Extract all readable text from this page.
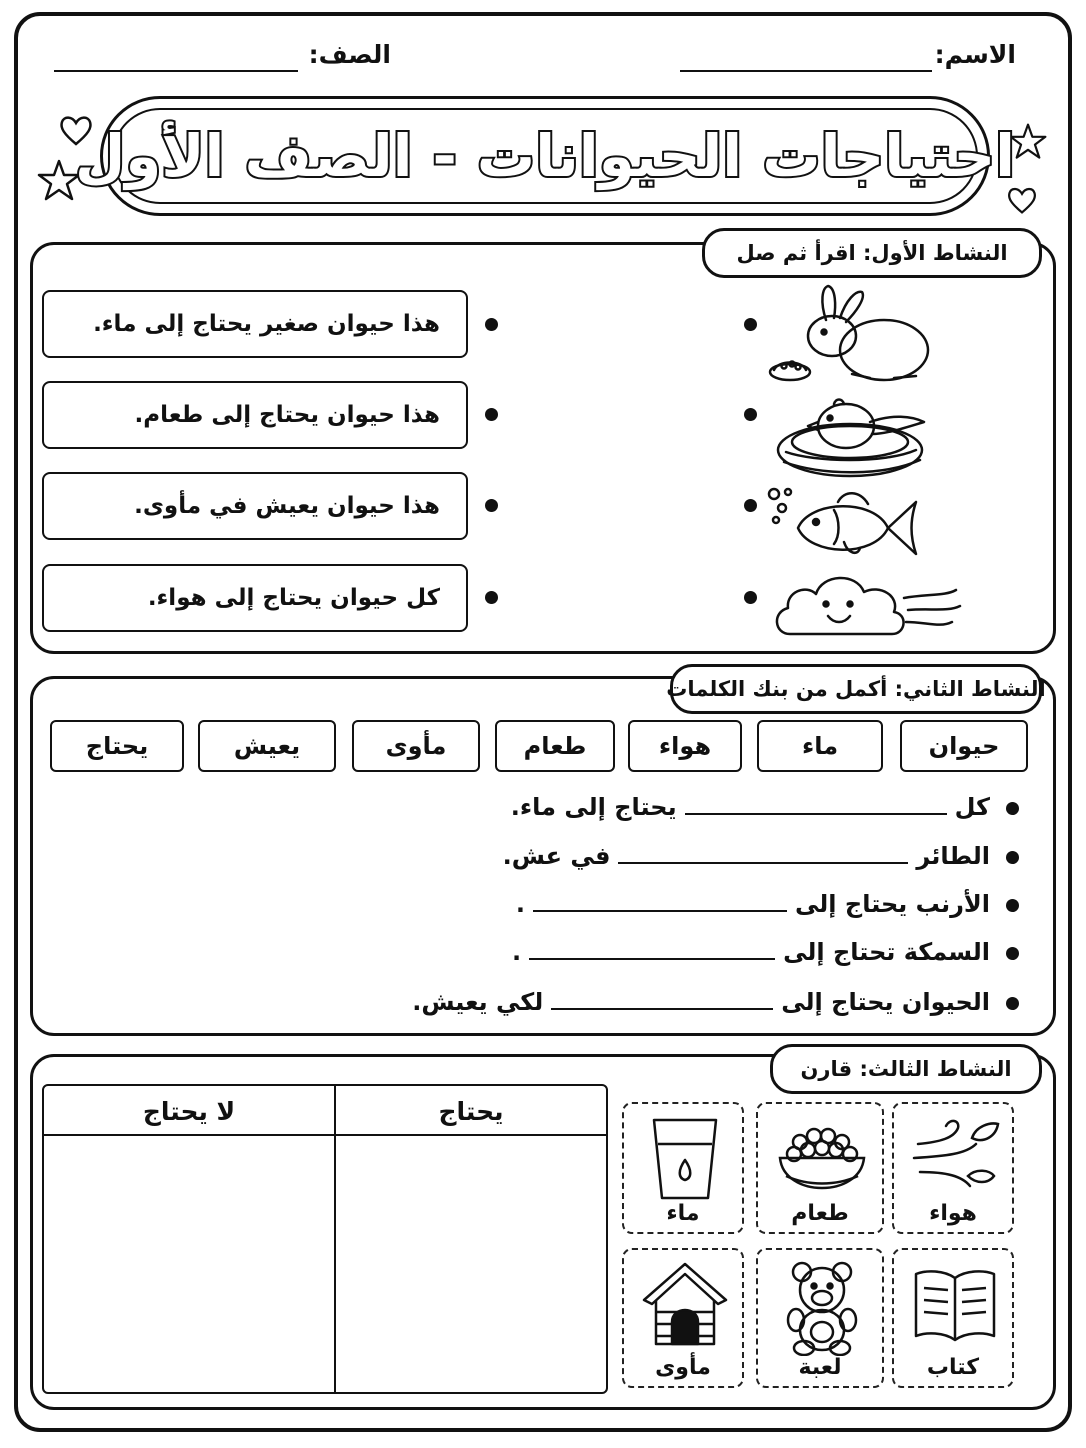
الاسم:
الصف:
احتياجات الحيوانات - الصف الأول
النشاط الأول: اقرأ ثم صل
هذا حيوان صغير يحتاج إلى ماء.
هذا حيوان يحتاج إلى طعام.
هذا حيوان يعيش في مأوى.
كل حيوان يحتاج إلى هواء.
النشاط الثاني: أكمل من بنك الكلمات
حيوان
ماء
هواء
طعام
مأوى
يعيش
يحتاج
كل
يحتاج إلى ماء.
الطائر
في عش.
الأرنب يحتاج إلى
.
السمكة تحتاج إلى
.
الحيوان يحتاج إلى
لكي يعيش.
النشاط الثالث: قارن
يحتاج
لا يحتاج
هواء
طعام
ماء
كتاب
لعبة
مأوى
